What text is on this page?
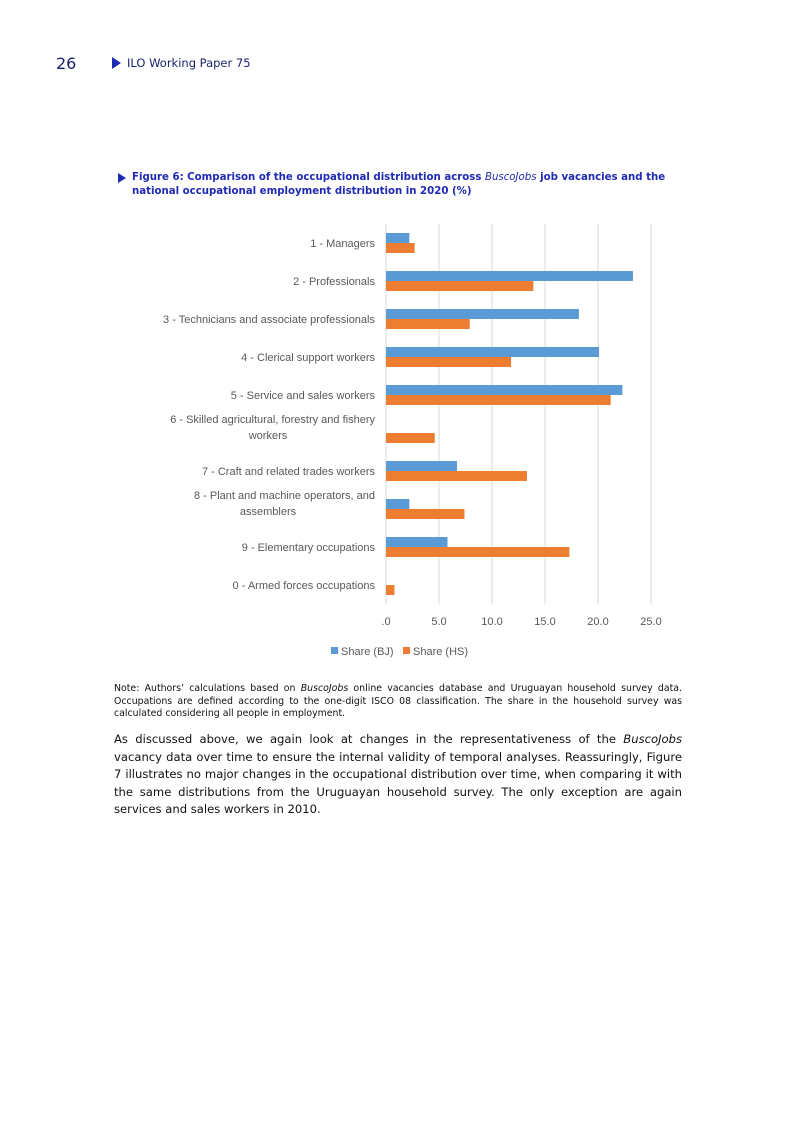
26	ILO Working Paper 75
Figure 6: Comparison of the occupational distribution across BuscoJobs job vacancies and the national occupational employment distribution in 2020 (%)
.0	5.0	10.0	15.0	20.0	25.0
1 - Managers
2 - Professionals
3 - Technicians and associate professionals
4 - Clerical support workers
5 - Service and sales workers
6 - Skilled agricultural, forestry and fishery
workers
7 - Craft and related trades workers
8 - Plant and machine operators, and
assemblers
9 - Elementary occupations
0 - Armed forces occupations
Share (BJ) Share (HS)
Note: Authors’ calculations based on BuscoJobs online vacancies database and Uruguayan household survey data. Occupations are defined according to the one-digit ISCO 08 classification. The share in the household survey was calculated considering all people in employment.
As discussed above, we again look at changes in the representativeness of the BuscoJobs vacancy data over time to ensure the internal validity of temporal analyses. Reassuringly, Figure 7 illustrates no major changes in the occupational distribution over time, when comparing it with the same distributions from the Uruguayan household survey. The only exception are again services and sales workers in 2010.
